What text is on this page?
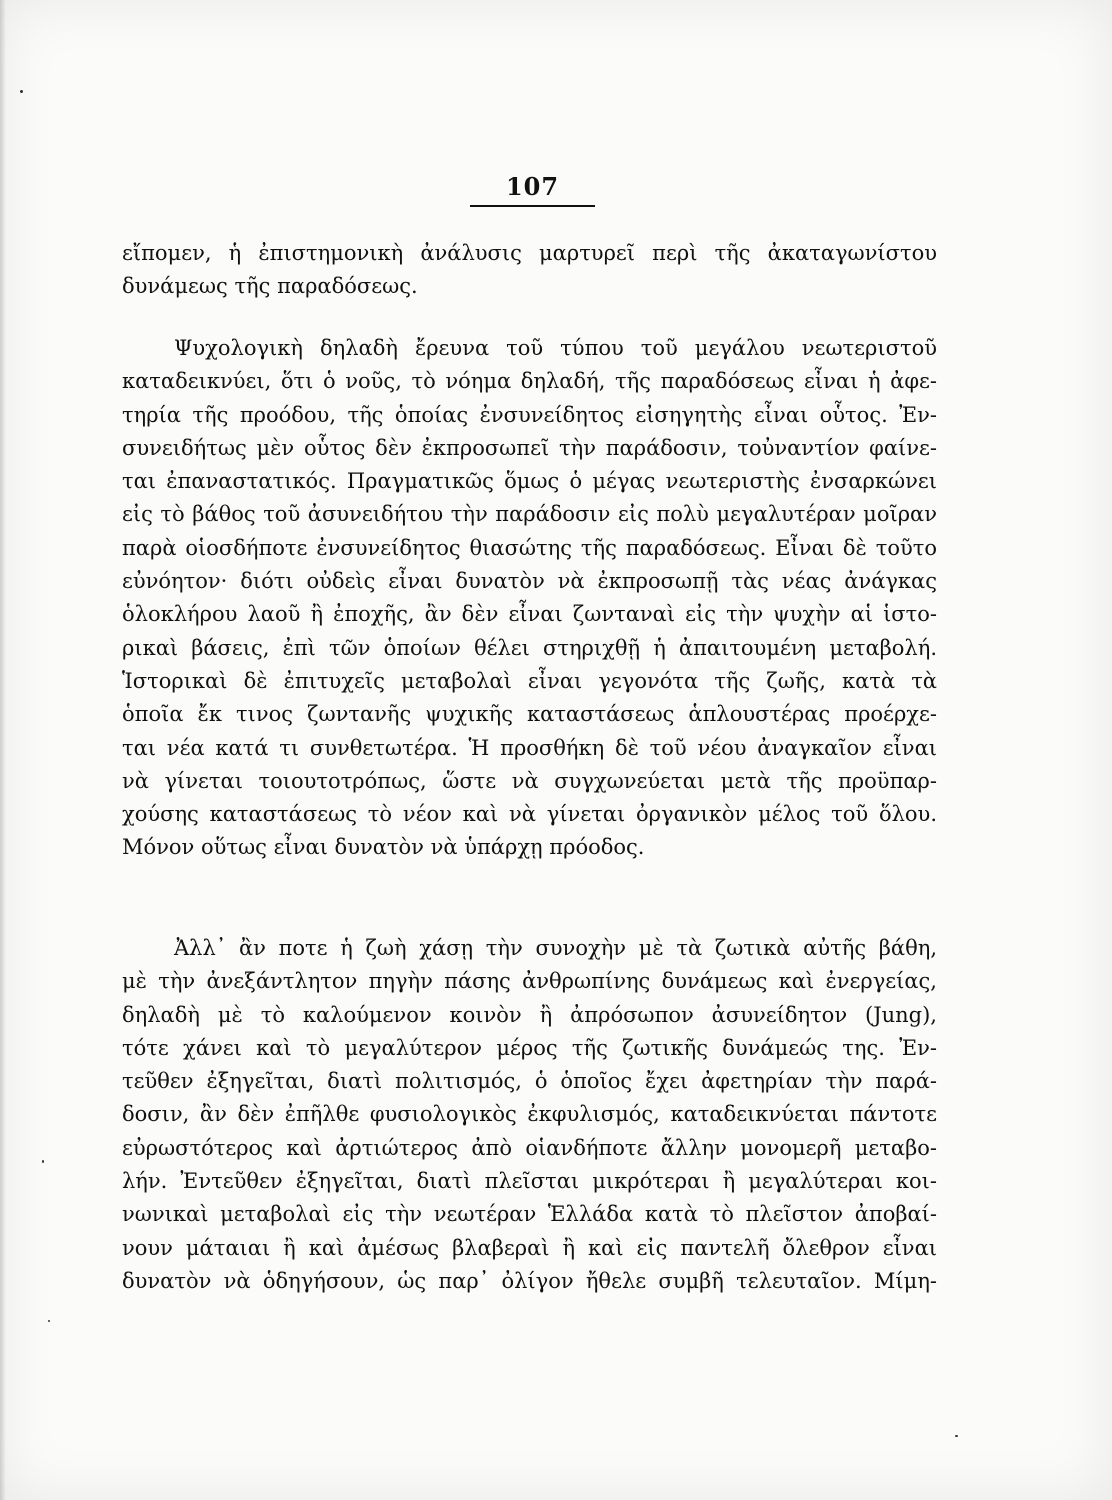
107
εἴπομεν, ἡ ἐπιστημονικὴ ἀνάλυσις μαρτυρεῖ περὶ τῆς ἀκαταγωνίστου
δυνάμεως τῆς παραδόσεως.
Ψυχολογικὴ δηλαδὴ ἔρευνα τοῦ τύπου τοῦ μεγάλου νεωτεριστοῦ
καταδεικνύει, ὅτι ὁ νοῦς, τὸ νόημα δηλαδή, τῆς παραδόσεως εἶναι ἡ ἀφε-
τηρία τῆς προόδου, τῆς ὁποίας ἐνσυνείδητος εἰσηγητὴς εἶναι οὗτος. Ἐν-
συνειδήτως μὲν οὗτος δὲν ἐκπροσωπεῖ τὴν παράδοσιν, τοὐναντίον φαίνε-
ται ἐπαναστατικός. Πραγματικῶς ὅμως ὁ μέγας νεωτεριστὴς ἐνσαρκώνει
εἰς τὸ βάθος τοῦ ἀσυνειδήτου τὴν παράδοσιν εἰς πολὺ μεγαλυτέραν μοῖραν
παρὰ οἱοσδήποτε ἐνσυνείδητος θιασώτης τῆς παραδόσεως. Εἶναι δὲ τοῦτο
εὐνόητον· διότι οὐδεὶς εἶναι δυνατὸν νὰ ἐκπροσωπῇ τὰς νέας ἀνάγκας
ὁλοκλήρου λαοῦ ἢ ἐποχῆς, ἂν δὲν εἶναι ζωνταναὶ εἰς τὴν ψυχὴν αἱ ἱστο-
ρικαὶ βάσεις, ἐπὶ τῶν ὁποίων θέλει στηριχθῇ ἡ ἀπαιτουμένη μεταβολή.
Ἱστορικαὶ δὲ ἐπιτυχεῖς μεταβολαὶ εἶναι γεγονότα τῆς ζωῆς, κατὰ τὰ
ὁποῖα ἔκ τινος ζωντανῆς ψυχικῆς καταστάσεως ἁπλουστέρας προέρχε-
ται νέα κατά τι συνθετωτέρα. Ἡ προσθήκη δὲ τοῦ νέου ἀναγκαῖον εἶναι
νὰ γίνεται τοιουτοτρόπως, ὥστε νὰ συγχωνεύεται μετὰ τῆς προϋπαρ-
χούσης καταστάσεως τὸ νέον καὶ νὰ γίνεται ὀργανικὸν μέλος τοῦ ὅλου.
Μόνον οὕτως εἶναι δυνατὸν νὰ ὑπάρχῃ πρόοδος.
Ἀλλ᾽ ἂν ποτε ἡ ζωὴ χάσῃ τὴν συνοχὴν μὲ τὰ ζωτικὰ αὐτῆς βάθη,
μὲ τὴν ἀνεξάντλητον πηγὴν πάσης ἀνθρωπίνης δυνάμεως καὶ ἐνεργείας,
δηλαδὴ μὲ τὸ καλούμενον κοινὸν ἢ ἀπρόσωπον ἀσυνείδητον (Jung),
τότε χάνει καὶ τὸ μεγαλύτερον μέρος τῆς ζωτικῆς δυνάμεώς της. Ἐν-
τεῦθεν ἐξηγεῖται, διατὶ πολιτισμός, ὁ ὁποῖος ἔχει ἀφετηρίαν τὴν παρά-
δοσιν, ἂν δὲν ἐπῆλθε φυσιολογικὸς ἐκφυλισμός, καταδεικνύεται πάντοτε
εὐρωστότερος καὶ ἀρτιώτερος ἀπὸ οἱανδήποτε ἄλλην μονομερῆ μεταβο-
λήν. Ἐντεῦθεν ἐξηγεῖται, διατὶ πλεῖσται μικρότεραι ἢ μεγαλύτεραι κοι-
νωνικαὶ μεταβολαὶ εἰς τὴν νεωτέραν Ἑλλάδα κατὰ τὸ πλεῖστον ἀποβαί-
νουν μάταιαι ἢ καὶ ἀμέσως βλαβεραὶ ἢ καὶ εἰς παντελῆ ὄλεθρον εἶναι
δυνατὸν νὰ ὁδηγήσουν, ὡς παρ᾽ ὀλίγον ἤθελε συμβῆ τελευταῖον. Μίμη-
